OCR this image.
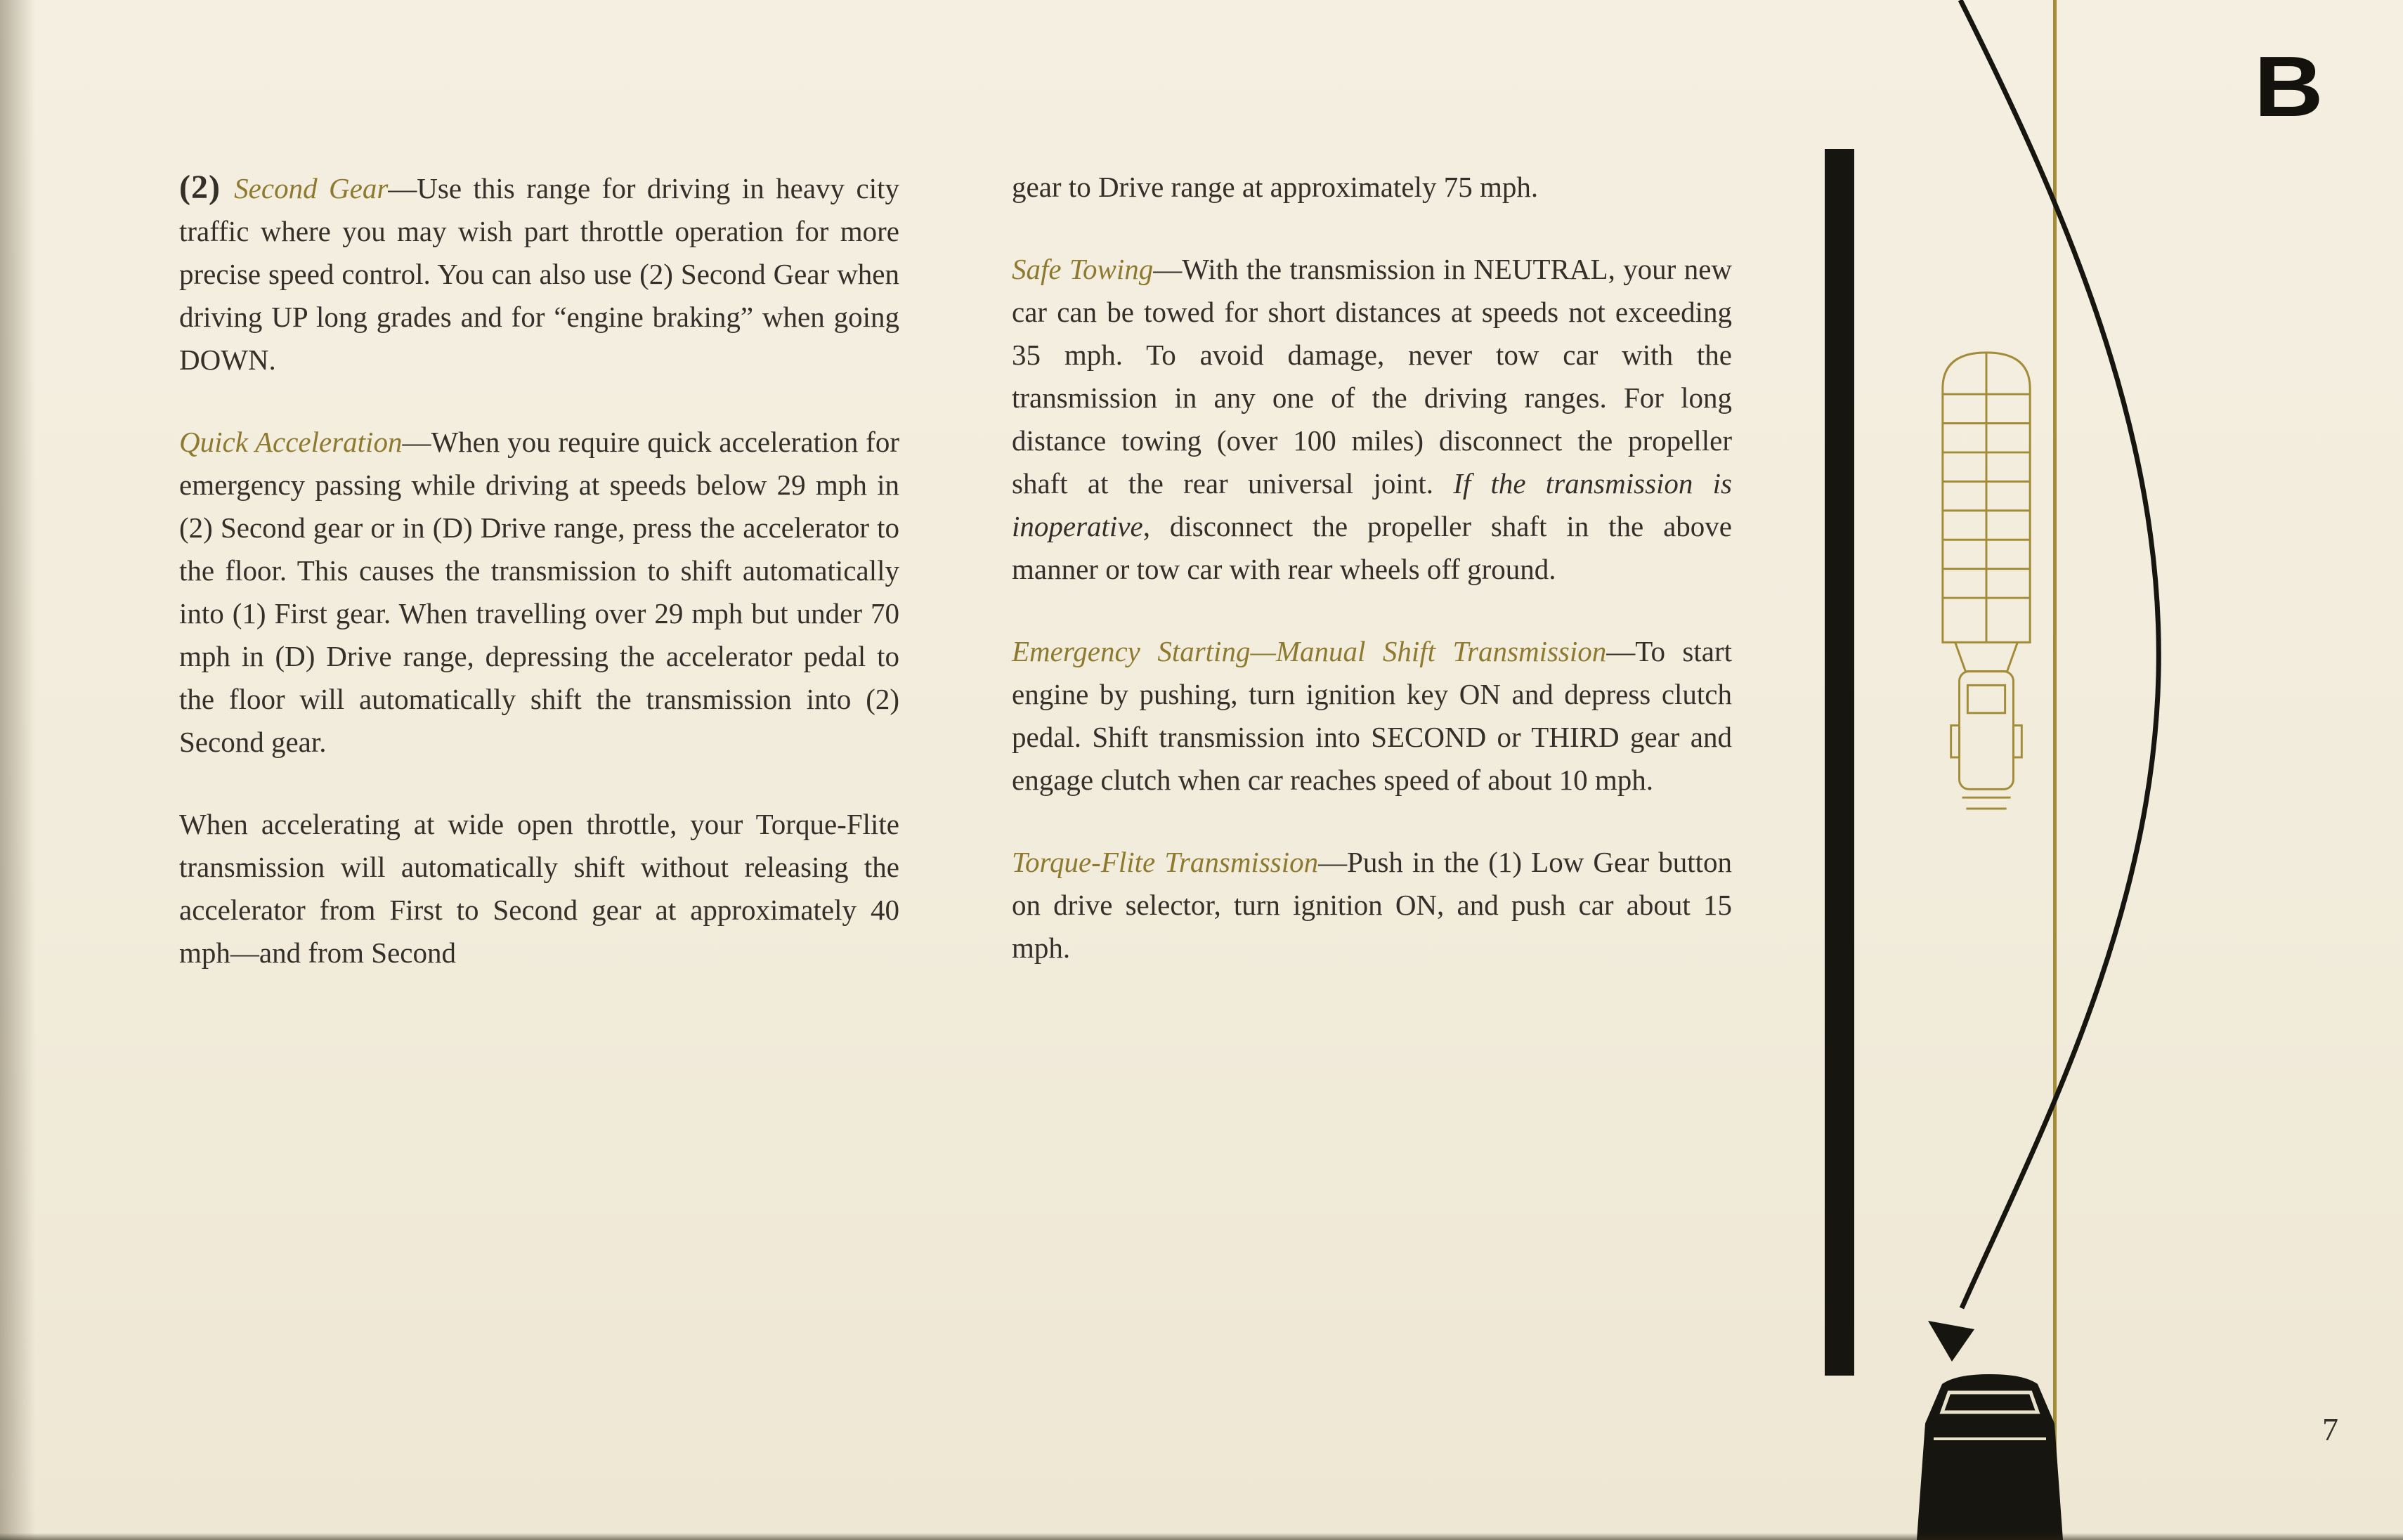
(2) Second Gear—Use this range for driving in heavy city traffic where you may wish part throttle operation for more precise speed control. You can also use (2) Second Gear when driving UP long grades and for “engine braking” when going DOWN.

Quick Acceleration—When you require quick acceleration for emergency passing while driving at speeds below 29 mph in (2) Second gear or in (D) Drive range, press the accelerator to the floor. This causes the transmission to shift automatically into (1) First gear. When travelling over 29 mph but under 70 mph in (D) Drive range, depressing the accelerator pedal to the floor will automatically shift the transmission into (2) Second gear.

When accelerating at wide open throttle, your Torque-Flite transmission will automatically shift without releasing the accelerator from First to Second gear at approximately 40 mph—and from Second

gear to Drive range at approximately 75 mph.

Safe Towing—With the transmission in NEUTRAL, your new car can be towed for short distances at speeds not exceeding 35 mph. To avoid damage, never tow car with the transmission in any one of the driving ranges. For long distance towing (over 100 miles) disconnect the propeller shaft at the rear universal joint. If the transmission is inoperative, disconnect the propeller shaft in the above manner or tow car with rear wheels off ground.

Emergency Starting—Manual Shift Transmission—To start engine by pushing, turn ignition key ON and depress clutch pedal. Shift transmission into SECOND or THIRD gear and engage clutch when car reaches speed of about 10 mph.

Torque-Flite Transmission—Push in the (1) Low Gear button on drive selector, turn ignition ON, and push car about 15 mph.

B
7
